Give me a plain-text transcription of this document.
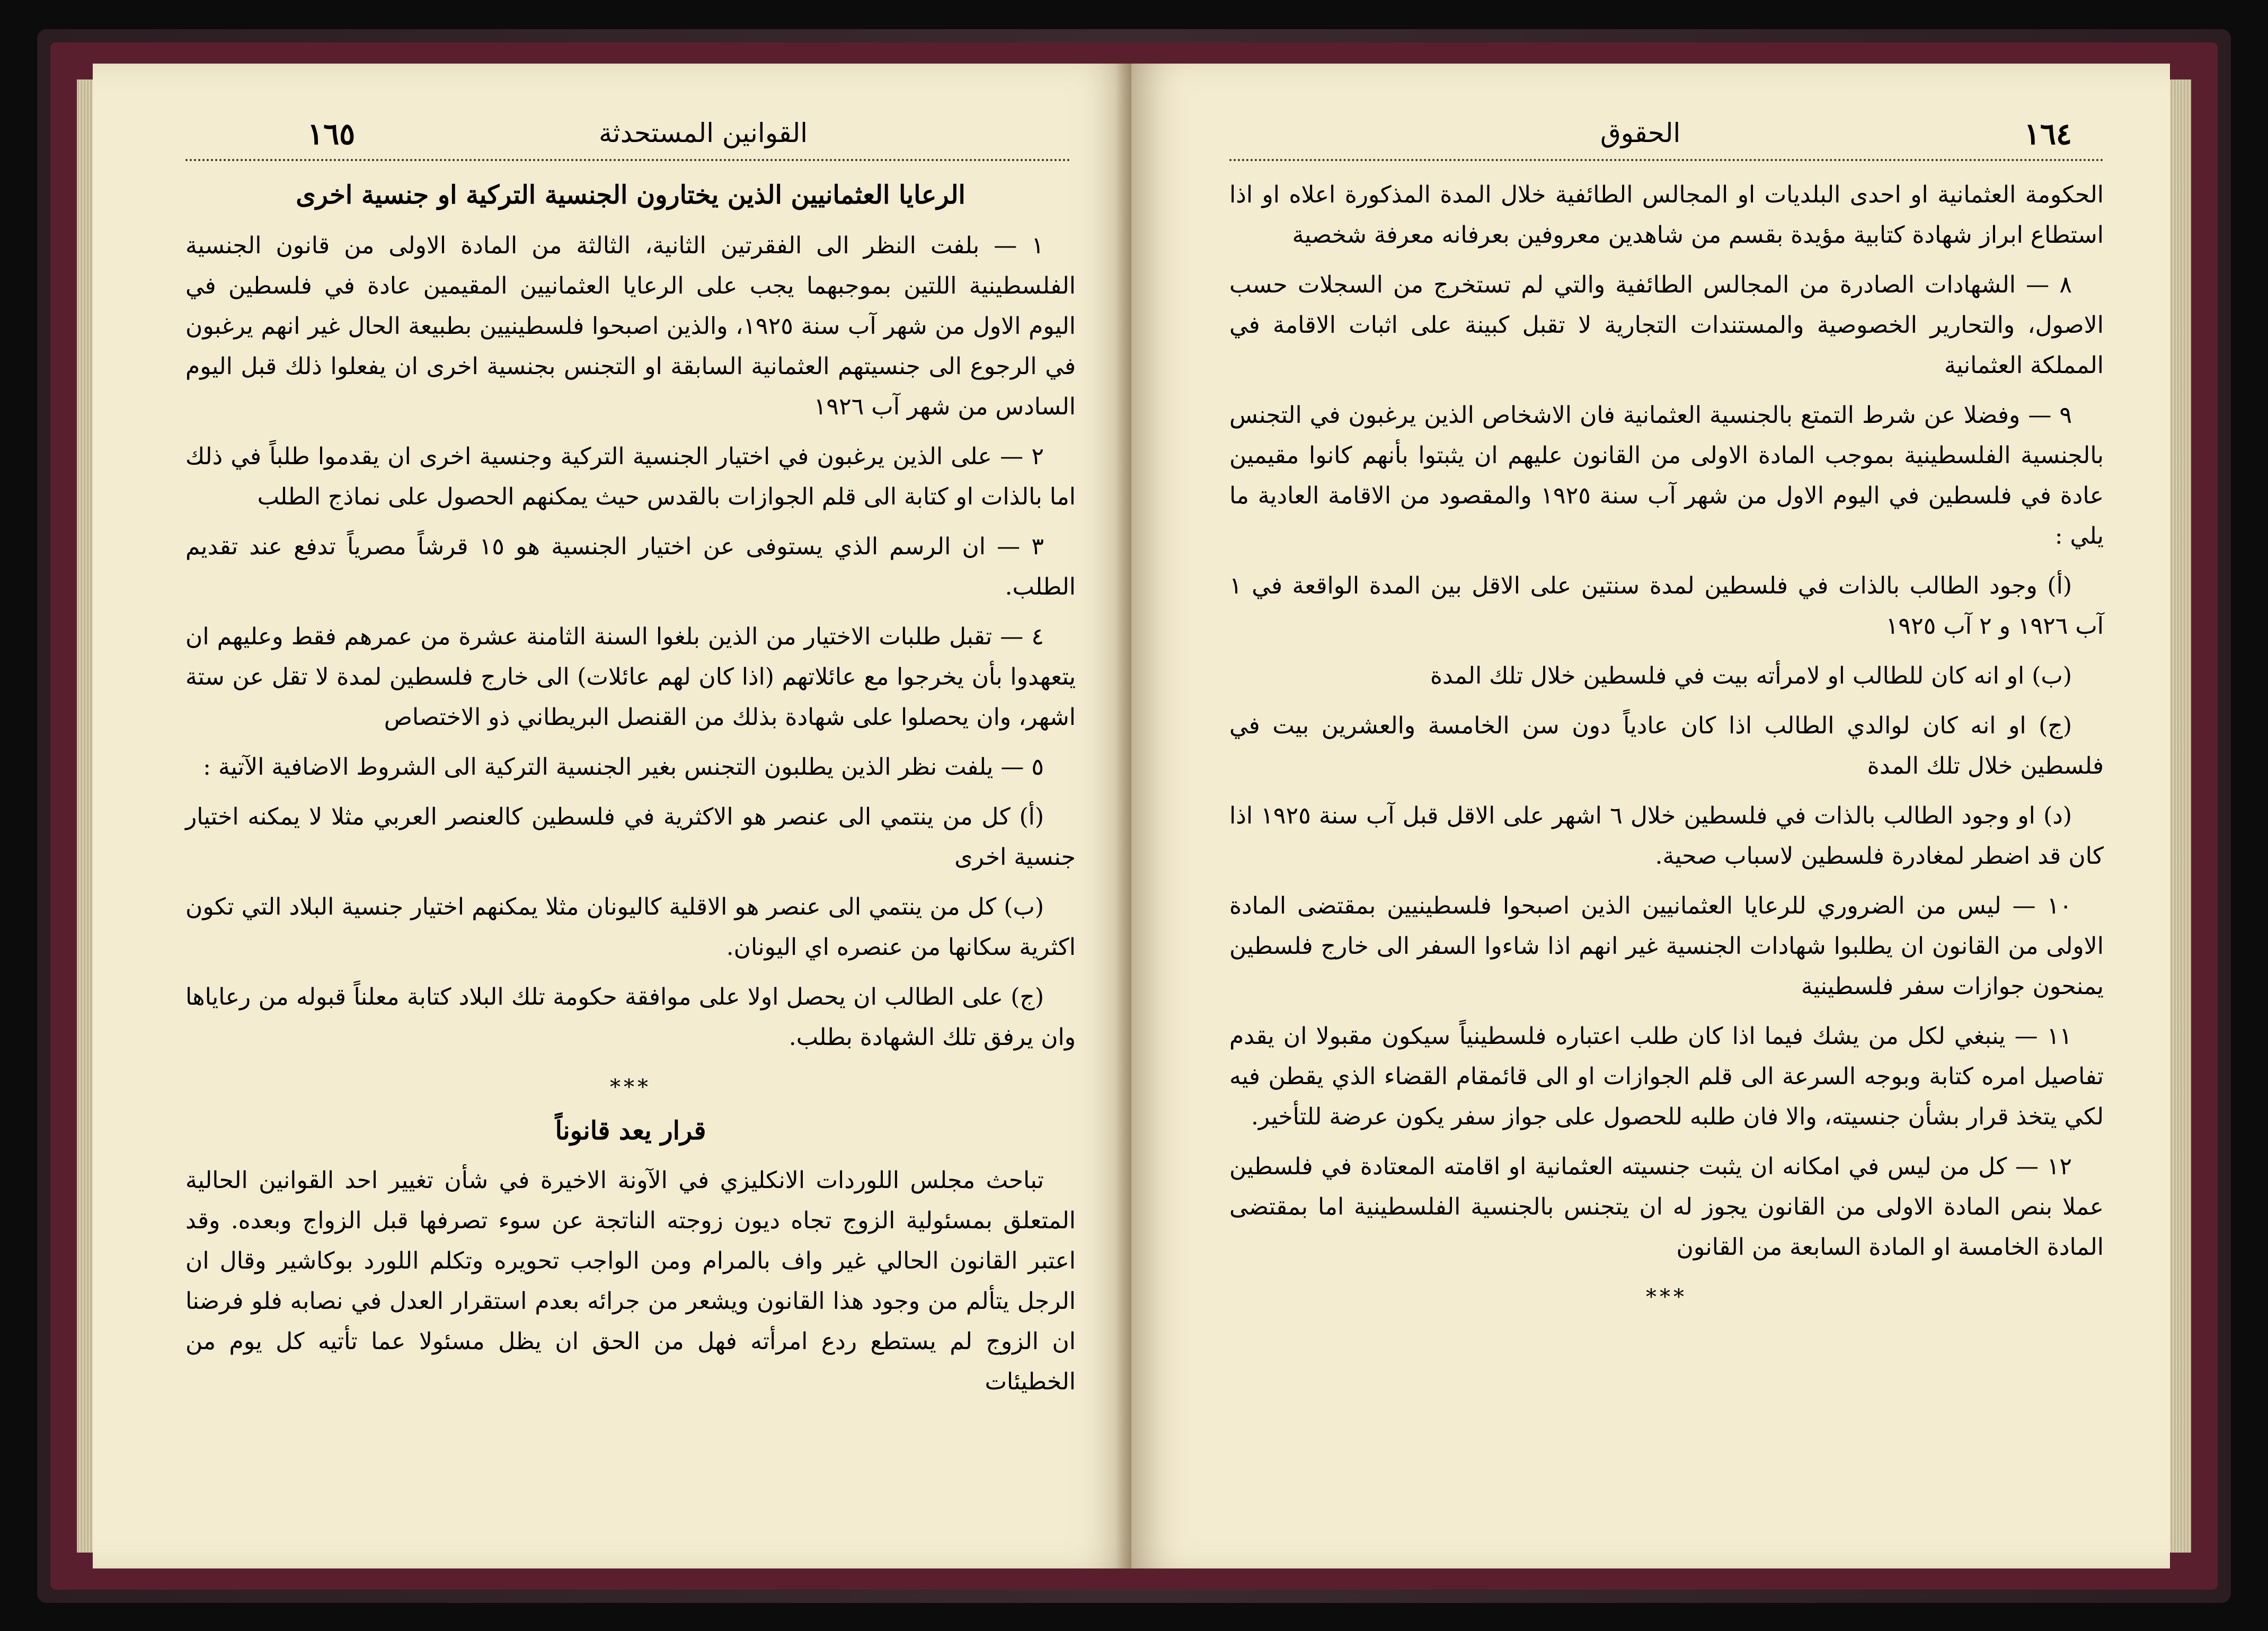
١٦٥	القوانين المستحدثة
الرعايا العثمانيين الذين يختارون الجنسية التركية او جنسية اخرى

١ — بلفت النظر الى الفقرتين الثانية، الثالثة من المادة الاولى من قانون الجنسية الفلسطينية اللتين بموجبهما يجب على الرعايا العثمانيين المقيمين عادة في فلسطين في اليوم الاول من شهر آب سنة ١٩٢٥، والذين اصبحوا فلسطينيين بطبيعة الحال غير انهم يرغبون في الرجوع الى جنسيتهم العثمانية السابقة او التجنس بجنسية اخرى ان يفعلوا ذلك قبل اليوم السادس من شهر آب ١٩٢٦

٢ — على الذين يرغبون في اختيار الجنسية التركية وجنسية اخرى ان يقدموا طلباً في ذلك اما بالذات او كتابة الى قلم الجوازات بالقدس حيث يمكنهم الحصول على نماذج الطلب

٣ — ان الرسم الذي يستوفى عن اختيار الجنسية هو ١٥ قرشاً مصرياً تدفع عند تقديم الطلب.

٤ — تقبل طلبات الاختيار من الذين بلغوا السنة الثامنة عشرة من عمرهم فقط وعليهم ان يتعهدوا بأن يخرجوا مع عائلاتهم (اذا كان لهم عائلات) الى خارج فلسطين لمدة لا تقل عن ستة اشهر، وان يحصلوا على شهادة بذلك من القنصل البريطاني ذو الاختصاص

٥ — يلفت نظر الذين يطلبون التجنس بغير الجنسية التركية الى الشروط الاضافية الآتية :

(أ) كل من ينتمي الى عنصر هو الاكثرية في فلسطين كالعنصر العربي مثلا لا يمكنه اختيار جنسية اخرى

(ب) كل من ينتمي الى عنصر هو الاقلية كاليونان مثلا يمكنهم اختيار جنسية البلاد التي تكون اكثرية سكانها من عنصره اي اليونان.

(ج) على الطالب ان يحصل اولا على موافقة حكومة تلك البلاد كتابة معلناً قبوله من رعاياها وان يرفق تلك الشهادة بطلب.

***
قرار يعد قانوناً

تباحث مجلس اللوردات الانكليزي في الآونة الاخيرة في شأن تغيير احد القوانين الحالية المتعلق بمسئولية الزوج تجاه ديون زوجته الناتجة عن سوء تصرفها قبل الزواج وبعده. وقد اعتبر القانون الحالي غير واف بالمرام ومن الواجب تحويره وتكلم اللورد بوكاشير وقال ان الرجل يتألم من وجود هذا القانون ويشعر من جرائه بعدم استقرار العدل في نصابه فلو فرضنا ان الزوج لم يستطع ردع امرأته فهل من الحق ان يظل مسئولا عما تأتيه كل يوم من الخطيئات

١٦٤
الحقوق

الحكومة العثمانية او احدى البلديات او المجالس الطائفية خلال المدة المذكورة اعلاه او اذا استطاع ابراز شهادة كتابية مؤيدة بقسم من شاهدين معروفين بعرفانه معرفة شخصية

٨ — الشهادات الصادرة من المجالس الطائفية والتي لم تستخرج من السجلات حسب الاصول، والتحارير الخصوصية والمستندات التجارية لا تقبل كبينة على اثبات الاقامة في المملكة العثمانية

٩ — وفضلا عن شرط التمتع بالجنسية العثمانية فان الاشخاص الذين يرغبون في التجنس بالجنسية الفلسطينية بموجب المادة الاولى من القانون عليهم ان يثبتوا بأنهم كانوا مقيمين عادة في فلسطين في اليوم الاول من شهر آب سنة ١٩٢٥ والمقصود من الاقامة العادية ما يلي :

(أ) وجود الطالب بالذات في فلسطين لمدة سنتين على الاقل بين المدة الواقعة في ١ آب ١٩٢٦ و ٢ آب ١٩٢٥

(ب) او انه كان للطالب او لامرأته بيت في فلسطين خلال تلك المدة

(ج) او انه كان لوالدي الطالب اذا كان عادياً دون سن الخامسة والعشرين بيت في فلسطين خلال تلك المدة

(د) او وجود الطالب بالذات في فلسطين خلال ٦ اشهر على الاقل قبل آب سنة ١٩٢٥ اذا كان قد اضطر لمغادرة فلسطين لاسباب صحية.

١٠ — ليس من الضروري للرعايا العثمانيين الذين اصبحوا فلسطينيين بمقتضى المادة الاولى من القانون ان يطلبوا شهادات الجنسية غير انهم اذا شاءوا السفر الى خارج فلسطين يمنحون جوازات سفر فلسطينية

١١ — ينبغي لكل من يشك فيما اذا كان طلب اعتباره فلسطينياً سيكون مقبولا ان يقدم تفاصيل امره كتابة وبوجه السرعة الى قلم الجوازات او الى قائمقام القضاء الذي يقطن فيه لكي يتخذ قرار بشأن جنسيته، والا فان طلبه للحصول على جواز سفر يكون عرضة للتأخير.

١٢ — كل من ليس في امكانه ان يثبت جنسيته العثمانية او اقامته المعتادة في فلسطين عملا بنص المادة الاولى من القانون يجوز له ان يتجنس بالجنسية الفلسطينية اما بمقتضى المادة الخامسة او المادة السابعة من القانون

***
